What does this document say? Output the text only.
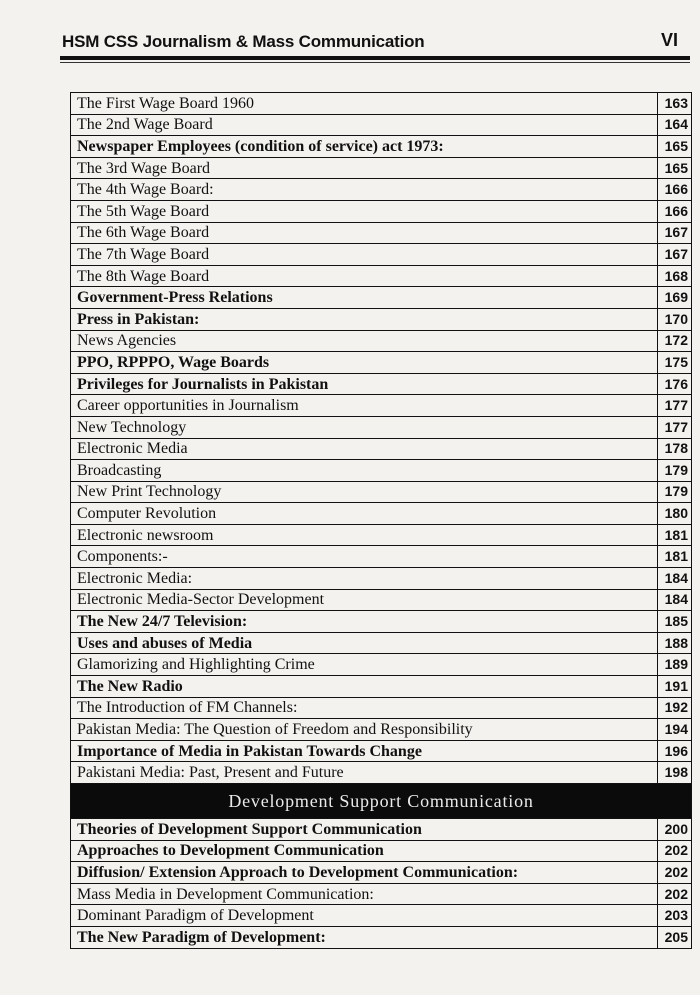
HSM CSS Journalism & Mass Communication	VI
The First Wage Board 1960	163
The 2nd Wage Board	164
Newspaper Employees (condition of service) act 1973:	165
The 3rd Wage Board	165
The 4th Wage Board:	166
The 5th Wage Board	166
The 6th Wage Board	167
The 7th Wage Board	167
The 8th Wage Board	168
Government-Press Relations	169
Press in Pakistan:	170
News Agencies	172
PPO, RPPPO, Wage Boards	175
Privileges for Journalists in Pakistan	176
Career opportunities in Journalism	177
New Technology	177
Electronic Media	178
Broadcasting	179
New Print Technology	179
Computer Revolution	180
Electronic newsroom	181
Components:-	181
Electronic Media:	184
Electronic Media-Sector Development	184
The New 24/7 Television:	185
Uses and abuses of Media	188
Glamorizing and Highlighting Crime	189
The New Radio	191
The Introduction of FM Channels:	192
Pakistan Media: The Question of Freedom and Responsibility	194
Importance of Media in Pakistan Towards Change	196
Pakistani Media: Past, Present and Future	198
Development Support Communication	
Theories of Development Support Communication	200
Approaches to Development Communication	202
Diffusion/ Extension Approach to Development Communication:	202
Mass Media in Development Communication:	202
Dominant Paradigm of Development	203
The New Paradigm of Development:	205
